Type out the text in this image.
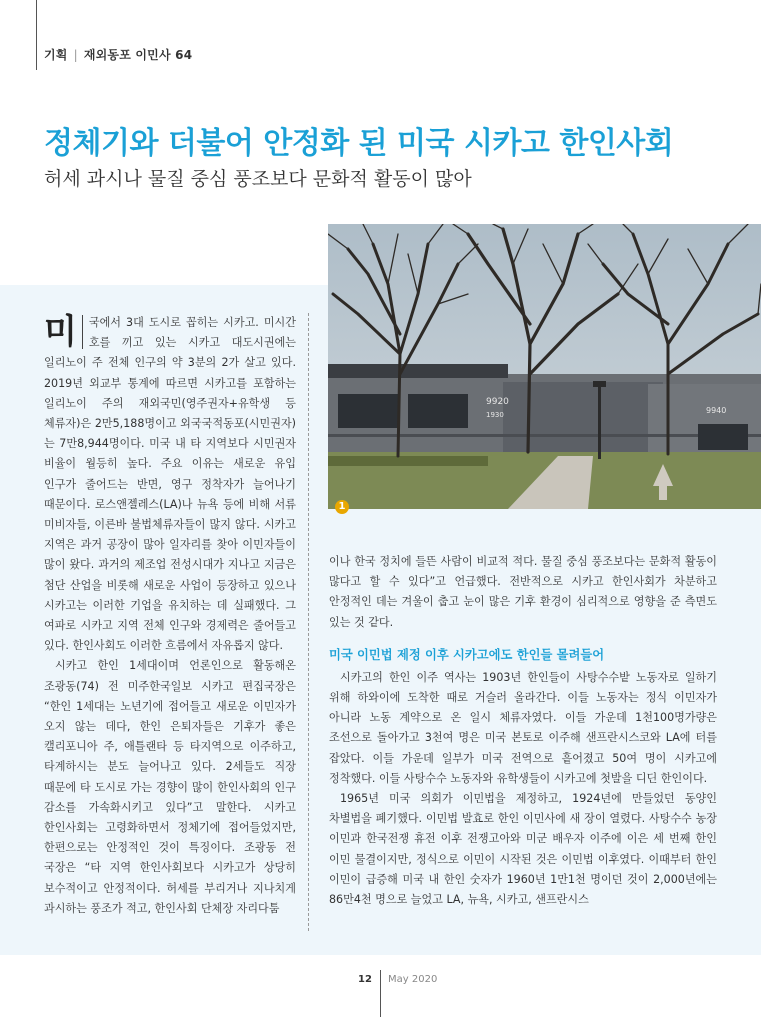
기획 | 재외동포 이민사 64
정체기와 더불어 안정화 된 미국 시카고 한인사회
허세 과시나 물질 중심 풍조보다 문화적 활동이 많아
9920
1930	9940
1

미	국에서 3대 도시로 꼽히는 시카고. 미시간 호를 끼고 있는 시카고 대도시권에는 일리노이 주 전체 인구의 약 3분의 2가 살고 있다. 2019년 외교부 통계에 따르면 시카고를 포함하는 일리노이 주의 재외국민(영주권자+유학생 등 체류자)은 2만5,188명이고 외국국적동포(시민권자)는 7만8,944명이다. 미국 내 타 지역보다 시민권자 비율이 월등히 높다. 주요 이유는 새로운 유입 인구가 줄어드는 반면, 영구 정착자가 늘어나기 때문이다. 로스앤젤레스(LA)나 뉴욕 등에 비해 서류 미비자들, 이른바 불법체류자들이 많지 않다. 시카고 지역은 과거 공장이 많아 일자리를 찾아 이민자들이 많이 왔다. 과거의 제조업 전성시대가 지나고 지금은 첨단 산업을 비롯해 새로운 사업이 등장하고 있으나 시카고는 이러한 기업을 유치하는 데 실패했다. 그 여파로 시카고 지역 전체 인구와 경제력은 줄어들고 있다. 한인사회도 이러한 흐름에서 자유롭지 않다.

시카고 한인 1세대이며 언론인으로 활동해온 조광동(74) 전 미주한국일보 시카고 편집국장은 “한인 1세대는 노년기에 접어들고 새로운 이민자가 오지 않는 데다, 한인 은퇴자들은 기후가 좋은 캘리포니아 주, 애틀랜타 등 타지역으로 이주하고, 타계하시는 분도 늘어나고 있다. 2세들도 직장 때문에 타 도시로 가는 경향이 많이 한인사회의 인구 감소를 가속화시키고 있다”고 말한다. 시카고 한인사회는 고령화하면서 정체기에 접어들었지만, 한편으로는 안정적인 것이 특징이다. 조광동 전 국장은 “타 지역 한인사회보다 시카고가 상당히 보수적이고 안정적이다. 허세를 부리거나 지나치게 과시하는 풍조가 적고, 한인사회 단체장 자리다툼

이나 한국 정치에 들뜬 사람이 비교적 적다. 물질 중심 풍조보다는 문화적 활동이 많다고 할 수 있다”고 언급했다. 전반적으로 시카고 한인사회가 차분하고 안정적인 데는 겨울이 춥고 눈이 많은 기후 환경이 심리적으로 영향을 준 측면도 있는 것 같다.

미국 이민법 제정 이후 시카고에도 한인들 몰려들어

시카고의 한인 이주 역사는 1903년 한인들이 사탕수수밭 노동자로 일하기 위해 하와이에 도착한 때로 거슬러 올라간다. 이들 노동자는 정식 이민자가 아니라 노동 계약으로 온 일시 체류자였다. 이들 가운데 1천100명가량은 조선으로 돌아가고 3천여 명은 미국 본토로 이주해 샌프란시스코와 LA에 터를 잡았다. 이들 가운데 일부가 미국 전역으로 흩어졌고 50여 명이 시카고에 정착했다. 이들 사탕수수 노동자와 유학생들이 시카고에 첫발을 디딘 한인이다.

1965년 미국 의회가 이민법을 제정하고, 1924년에 만들었던 동양인 차별법을 폐기했다. 이민법 발효로 한인 이민사에 새 장이 열렸다. 사탕수수 농장 이민과 한국전쟁 휴전 이후 전쟁고아와 미군 배우자 이주에 이은 세 번째 한인 이민 물결이지만, 정식으로 이민이 시작된 것은 이민법 이후였다. 이때부터 한인 이민이 급증해 미국 내 한인 숫자가 1960년 1만1천 명이던 것이 2,000년에는 86만4천 명으로 늘었고 LA, 뉴욕, 시카고, 샌프란시스

12 May 2020
